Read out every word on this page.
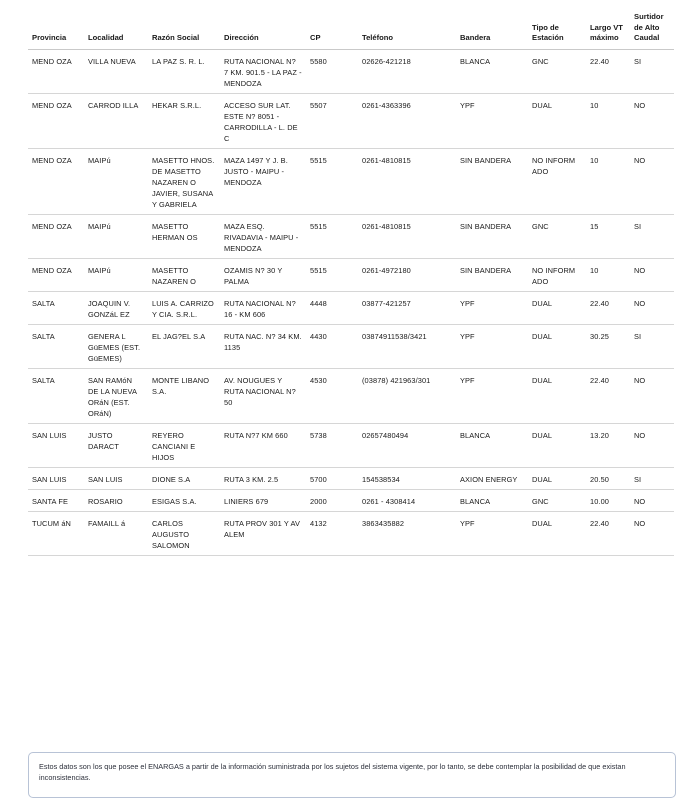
Provincia	Localidad	Razón Social	Dirección	CP	Teléfono	Bandera	Tipo de Estación	Largo VT máximo	Surtidor de Alto Caudal
MEND OZA	VILLA NUEVA	LA PAZ S. R. L.	RUTA NACIONAL N? 7 KM. 901.5 - LA PAZ - MENDOZA	5580	02626-421218	BLANCA	GNC	22.40	SI
MEND OZA	CARROD ILLA	HEKAR S.R.L.	ACCESO SUR LAT. ESTE N? 8051 - CARRODILLA - L. DE C	5507	0261-4363396	YPF	DUAL	10	NO
MEND OZA	MAIPú	MASETTO HNOS. DE MASETTO NAZAREN O JAVIER, SUSANA Y GABRIELA	MAZA 1497 Y J. B. JUSTO - MAIPU - MENDOZA	5515	0261-4810815	SIN BANDERA	NO INFORM ADO	10	NO
MEND OZA	MAIPú	MASETTO HERMAN OS	MAZA ESQ. RIVADAVIA - MAIPU - MENDOZA	5515	0261-4810815	SIN BANDERA	GNC	15	SI
MEND OZA	MAIPú	MASETTO NAZAREN O	OZAMIS N? 30 Y PALMA	5515	0261-4972180	SIN BANDERA	NO INFORM ADO	10	NO
SALTA	JOAQUIN V. GONZáL EZ	LUIS A. CARRIZO Y CIA. S.R.L.	RUTA NACIONAL N? 16 - KM 606	4448	03877-421257	YPF	DUAL	22.40	NO
SALTA	GENERA L GüEMES (EST. GüEMES)	EL JAG?EL S.A	RUTA NAC. N? 34 KM. 1135	4430	03874911538/3421	YPF	DUAL	30.25	SI
SALTA	SAN RAMóN DE LA NUEVA ORáN (EST. ORáN)	MONTE LIBANO S.A.	AV. NOUGUES Y RUTA NACIONAL N?50	4530	(03878) 421963/301	YPF	DUAL	22.40	NO
SAN LUIS	JUSTO DARACT	REYERO CANCIANI E HIJOS	RUTA N?7 KM 660	5738	02657480494	BLANCA	DUAL	13.20	NO
SAN LUIS	SAN LUIS	DIONE S.A	RUTA 3 KM. 2.5	5700	154538534	AXION ENERGY	DUAL	20.50	SI
SANTA FE	ROSARIO	ESIGAS S.A.	LINIERS 679	2000	0261 - 4308414	BLANCA	GNC	10.00	NO
TUCUM áN	FAMAILL á	CARLOS AUGUSTO SALOMON	RUTA PROV 301 Y AV ALEM	4132	3863435882	YPF	DUAL	22.40	NO
Estos datos son los que posee el ENARGAS a partir de la información suministrada por los sujetos del sistema vigente, por lo tanto, se debe contemplar la posibilidad de que existan inconsistencias.
